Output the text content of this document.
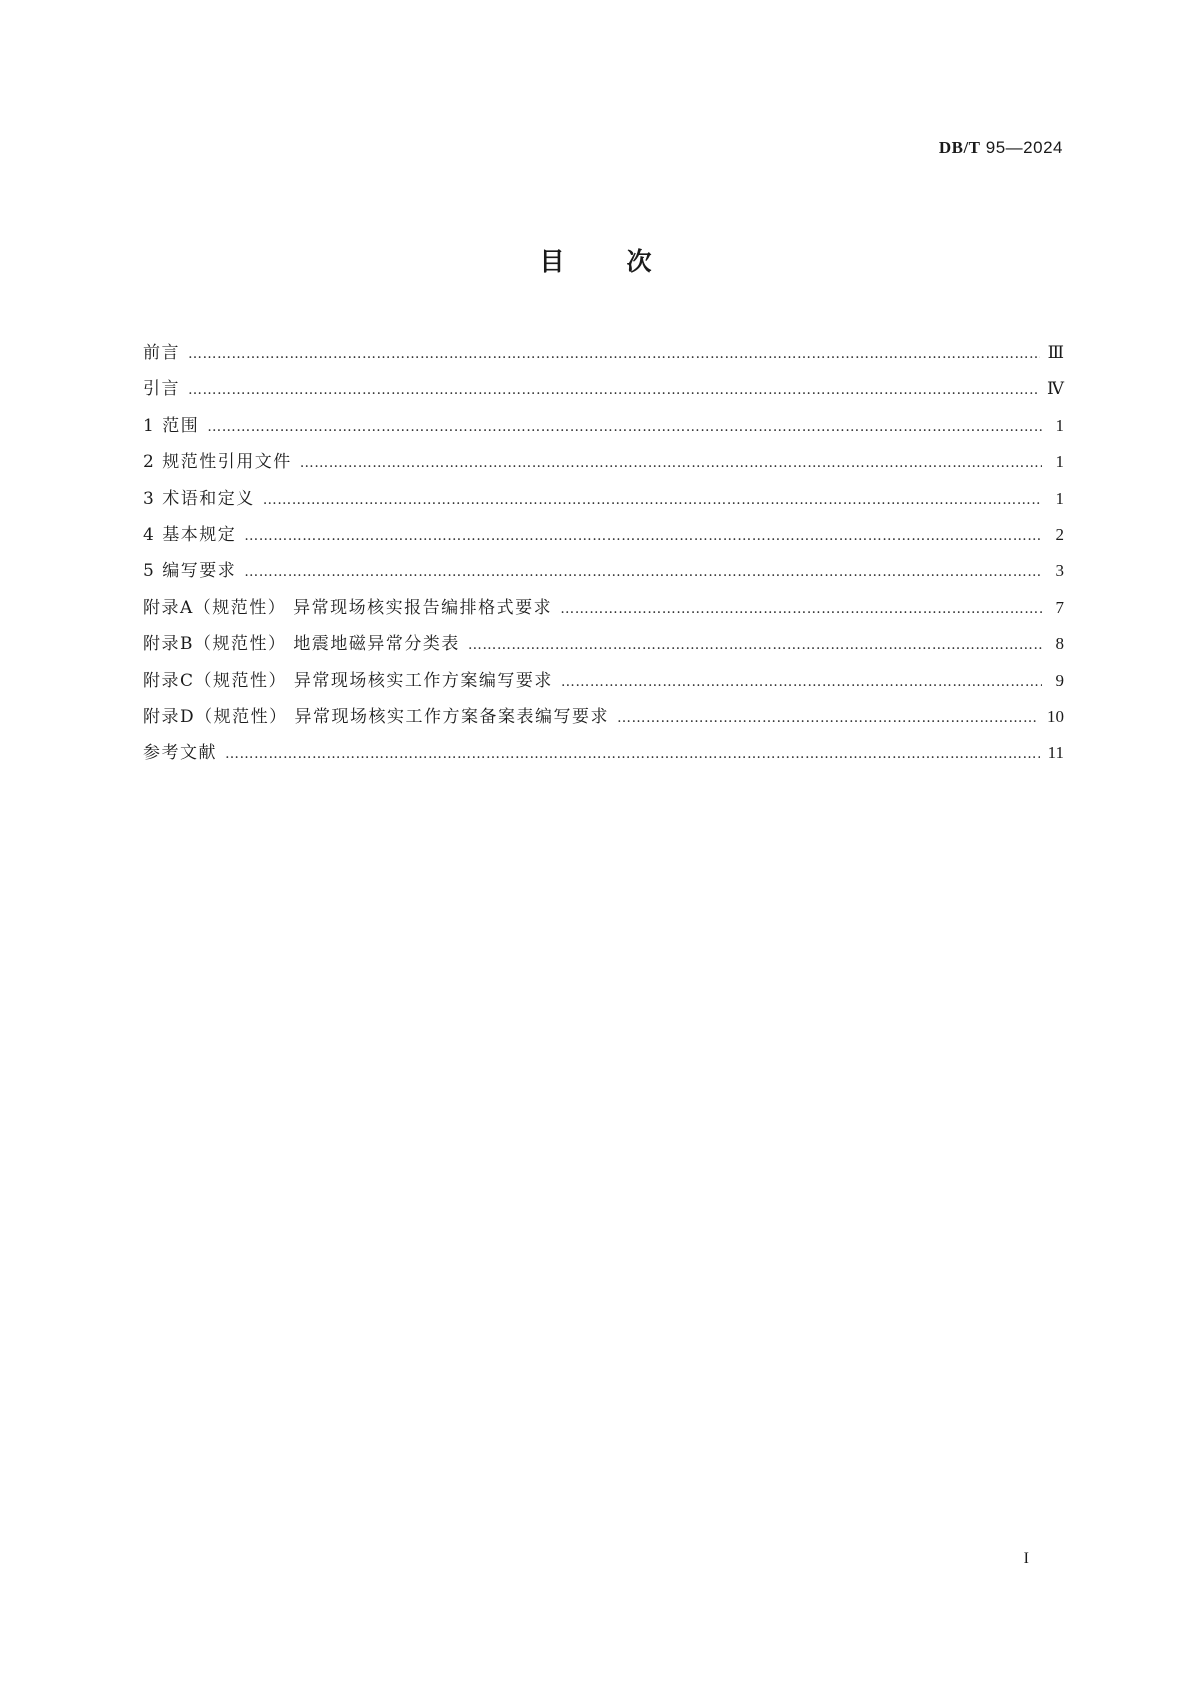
DB/T 95—2024
目次
前言 ………………………………………………………………………………………………………………………………………………………………	Ⅲ
引言 ………………………………………………………………………………………………………………………………………………………………	Ⅳ
1 范围 ………………………………………………………………………………………………………………………………………………………………	1
2 规范性引用文件 ………………………………………………………………………………………………………………………………………………………………	1
3 术语和定义 ………………………………………………………………………………………………………………………………………………………………	1
4 基本规定 ………………………………………………………………………………………………………………………………………………………………	2
5 编写要求 ………………………………………………………………………………………………………………………………………………………………	3
附录A（规范性） 异常现场核实报告编排格式要求 ………………………………………………………………………………………………………………………………………………………………	7
附录B（规范性） 地震地磁异常分类表 ………………………………………………………………………………………………………………………………………………………………	8
附录C（规范性） 异常现场核实工作方案编写要求 ………………………………………………………………………………………………………………………………………………………………	9
附录D（规范性） 异常现场核实工作方案备案表编写要求 ………………………………………………………………………………………………………………………………………………………………	10
参考文献 ………………………………………………………………………………………………………………………………………………………………	11
I
